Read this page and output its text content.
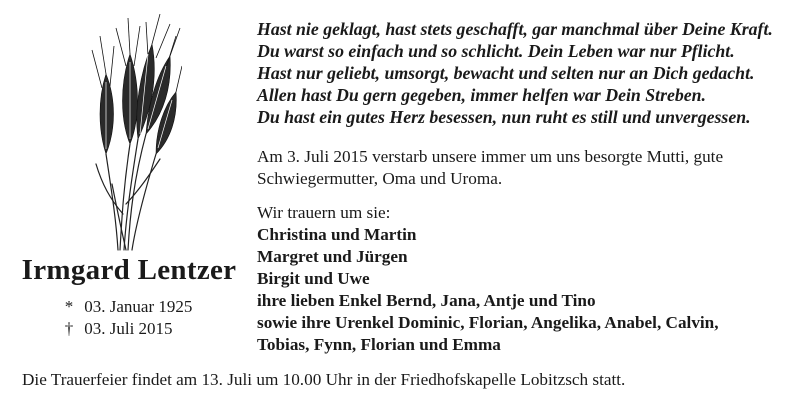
Irmgard Lentzer
* 03. Januar 1925
† 03. Juli 2015
Hast nie geklagt, hast stets geschafft, gar manchmal über Deine Kraft.
Du warst so einfach und so schlicht. Dein Leben war nur Pflicht.
Hast nur geliebt, umsorgt, bewacht und selten nur an Dich gedacht.
Allen hast Du gern gegeben, immer helfen war Dein Streben.
Du hast ein gutes Herz besessen, nun ruht es still und unvergessen.
Am 3. Juli 2015 verstarb unsere immer um uns besorgte Mutti, gute
Schwiegermutter, Oma und Uroma.
Wir trauern um sie:
Christina und Martin
Margret und Jürgen
Birgit und Uwe
ihre lieben Enkel Bernd, Jana, Antje und Tino
sowie ihre Urenkel Dominic, Florian, Angelika, Anabel, Calvin,
Tobias, Fynn, Florian und Emma
Die Trauerfeier findet am 13. Juli um 10.00 Uhr in der Friedhofskapelle Lobitzsch statt.
